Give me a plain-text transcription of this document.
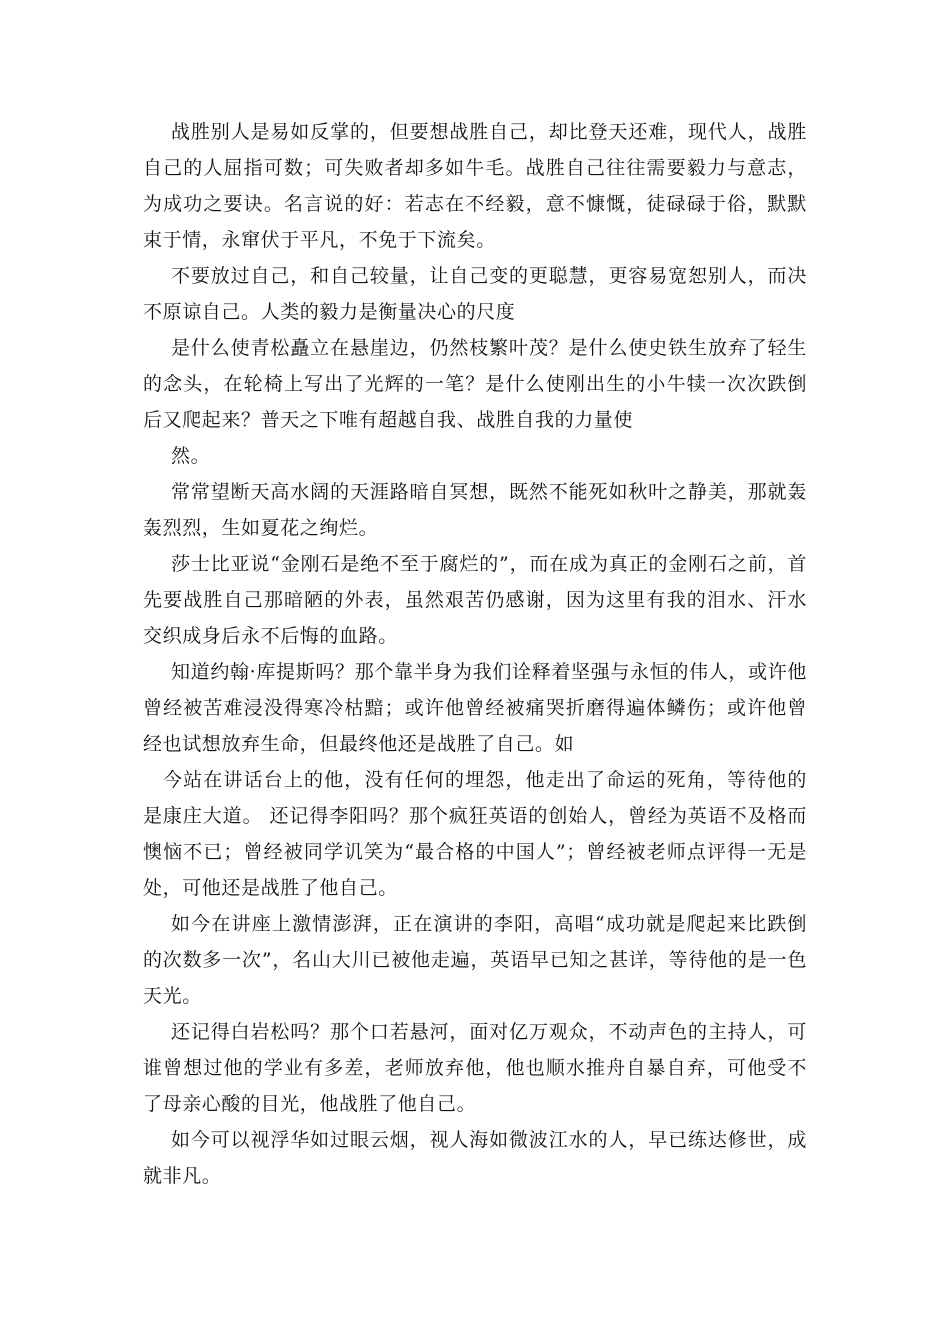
战胜别人是易如反掌的，但要想战胜自己，却比登天还难，现代人，战胜自己的人屈指可数；可失败者却多如牛毛。战胜自己往往需要毅力与意志，为成功之要诀。名言说的好：若志在不经毅，意不慷慨，徒碌碌于俗，默默束于情，永窜伏于平凡，不免于下流矣。

不要放过自己，和自己较量，让自己变的更聪慧，更容易宽恕别人，而决不原谅自己。人类的毅力是衡量决心的尺度

是什么使青松矗立在悬崖边，仍然枝繁叶茂？是什么使史铁生放弃了轻生的念头，在轮椅上写出了光辉的一笔？是什么使刚出生的小牛犊一次次跌倒后又爬起来？普天之下唯有超越自我、战胜自我的力量使

然。

常常望断天高水阔的天涯路暗自冥想，既然不能死如秋叶之静美，那就轰轰烈烈，生如夏花之绚烂。

莎士比亚说“金刚石是绝不至于腐烂的”，而在成为真正的金刚石之前，首先要战胜自己那暗陋的外表，虽然艰苦仍感谢，因为这里有我的泪水、汗水交织成身后永不后悔的血路。

知道约翰·库提斯吗？那个靠半身为我们诠释着坚强与永恒的伟人，或许他曾经被苦难浸没得寒冷枯黯；或许他曾经被痛哭折磨得遍体鳞伤；或许他曾经也试想放弃生命，但最终他还是战胜了自己。如

今站在讲话台上的他，没有任何的埋怨，他走出了命运的死角，等待他的是康庄大道。 还记得李阳吗？那个疯狂英语的创始人，曾经为英语不及格而懊恼不已；曾经被同学讥笑为“最合格的中国人”；曾经被老师点评得一无是处，可他还是战胜了他自己。

如今在讲座上激情澎湃，正在演讲的李阳，高唱“成功就是爬起来比跌倒的次数多一次”，名山大川已被他走遍，英语早已知之甚详，等待他的是一色天光。

还记得白岩松吗？那个口若悬河，面对亿万观众，不动声色的主持人，可谁曾想过他的学业有多差，老师放弃他，他也顺水推舟自暴自弃，可他受不了母亲心酸的目光，他战胜了他自己。

如今可以视浮华如过眼云烟，视人海如微波江水的人，早已练达修世，成就非凡。
